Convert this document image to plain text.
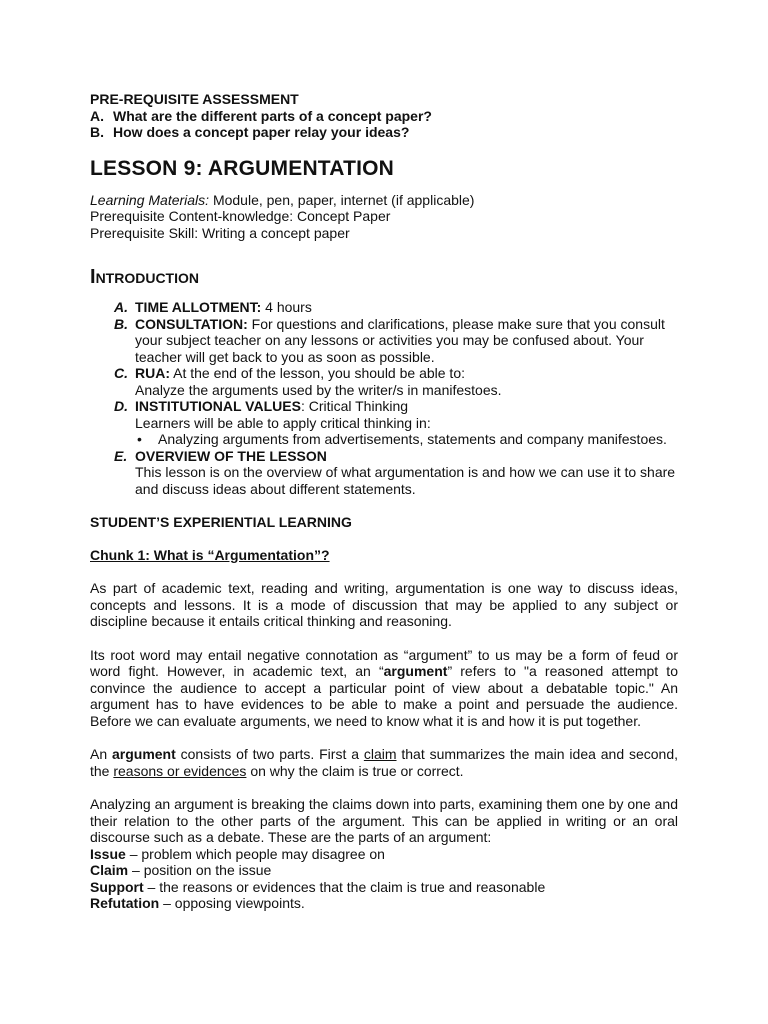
PRE-REQUISITE ASSESSMENT
A. What are the different parts of a concept paper?
B. How does a concept paper relay your ideas?
LESSON 9: ARGUMENTATION
Learning Materials: Module, pen, paper, internet (if applicable)
Prerequisite Content-knowledge: Concept Paper
Prerequisite Skill: Writing a concept paper
INTRODUCTION
A. TIME ALLOTMENT: 4 hours
B. CONSULTATION: For questions and clarifications, please make sure that you consult your subject teacher on any lessons or activities you may be confused about. Your teacher will get back to you as soon as possible.
C. RUA: At the end of the lesson, you should be able to:
Analyze the arguments used by the writer/s in manifestoes.
D. INSTITUTIONAL VALUES: Critical Thinking
Learners will be able to apply critical thinking in:
• Analyzing arguments from advertisements, statements and company manifestoes.
E. OVERVIEW OF THE LESSON
This lesson is on the overview of what argumentation is and how we can use it to share and discuss ideas about different statements.
STUDENT’S EXPERIENTIAL LEARNING
Chunk 1: What is “Argumentation”?
As part of academic text, reading and writing, argumentation is one way to discuss ideas, concepts and lessons. It is a mode of discussion that may be applied to any subject or discipline because it entails critical thinking and reasoning.
Its root word may entail negative connotation as “argument” to us may be a form of feud or word fight. However, in academic text, an “argument” refers to "a reasoned attempt to convince the audience to accept a particular point of view about a debatable topic." An argument has to have evidences to be able to make a point and persuade the audience. Before we can evaluate arguments, we need to know what it is and how it is put together.
An argument consists of two parts. First a claim that summarizes the main idea and second, the reasons or evidences on why the claim is true or correct.
Analyzing an argument is breaking the claims down into parts, examining them one by one and their relation to the other parts of the argument. This can be applied in writing or an oral discourse such as a debate. These are the parts of an argument:
Issue – problem which people may disagree on
Claim – position on the issue
Support – the reasons or evidences that the claim is true and reasonable
Refutation – opposing viewpoints.
